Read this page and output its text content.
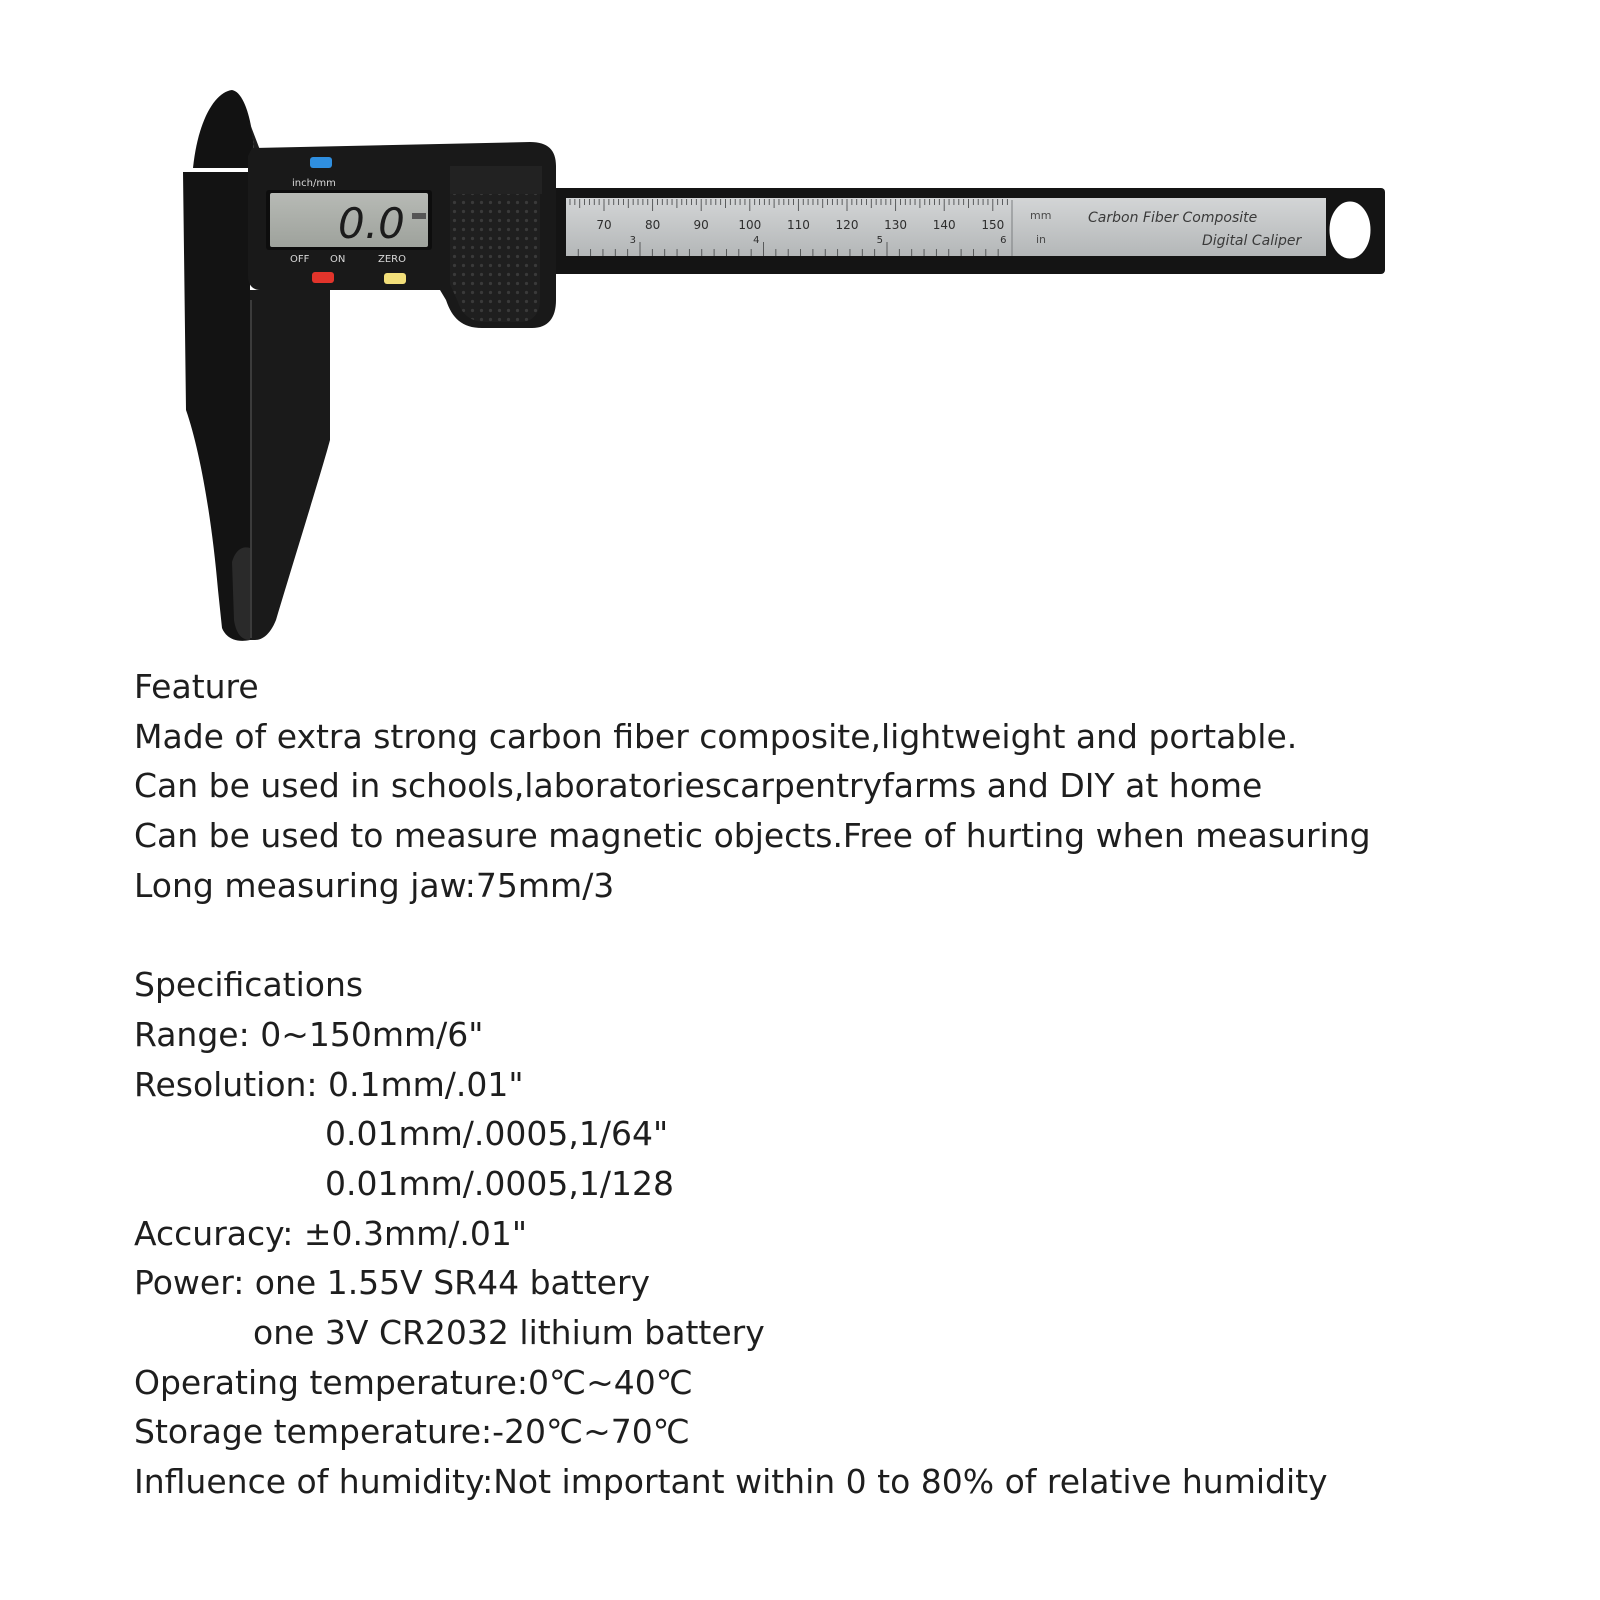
70	80	90 100 110 120 130 140 150
3	4	5	6
mm
in
Carbon Fiber Composite
Digital Caliper
0.0
inch/mm
OFF ON	ZERO
Feature
Made of extra strong carbon fiber composite,lightweight and portable.
Can be used in schools,laboratoriescarpentryfarms and DIY at home
Can be used to measure magnetic objects.Free of hurting when measuring
Long measuring jaw:75mm/3
Specifications
Range: 0~150mm/6"
Resolution: 0.1mm/.01"
0.01mm/.0005,1/64"
0.01mm/.0005,1/128
Accuracy: ±0.3mm/.01"
Power: one 1.55V SR44 battery
one 3V CR2032 lithium battery
Operating temperature:0℃~40℃
Storage temperature:-20℃~70℃
Influence of humidity:Not important within 0 to 80% of relative humidity
